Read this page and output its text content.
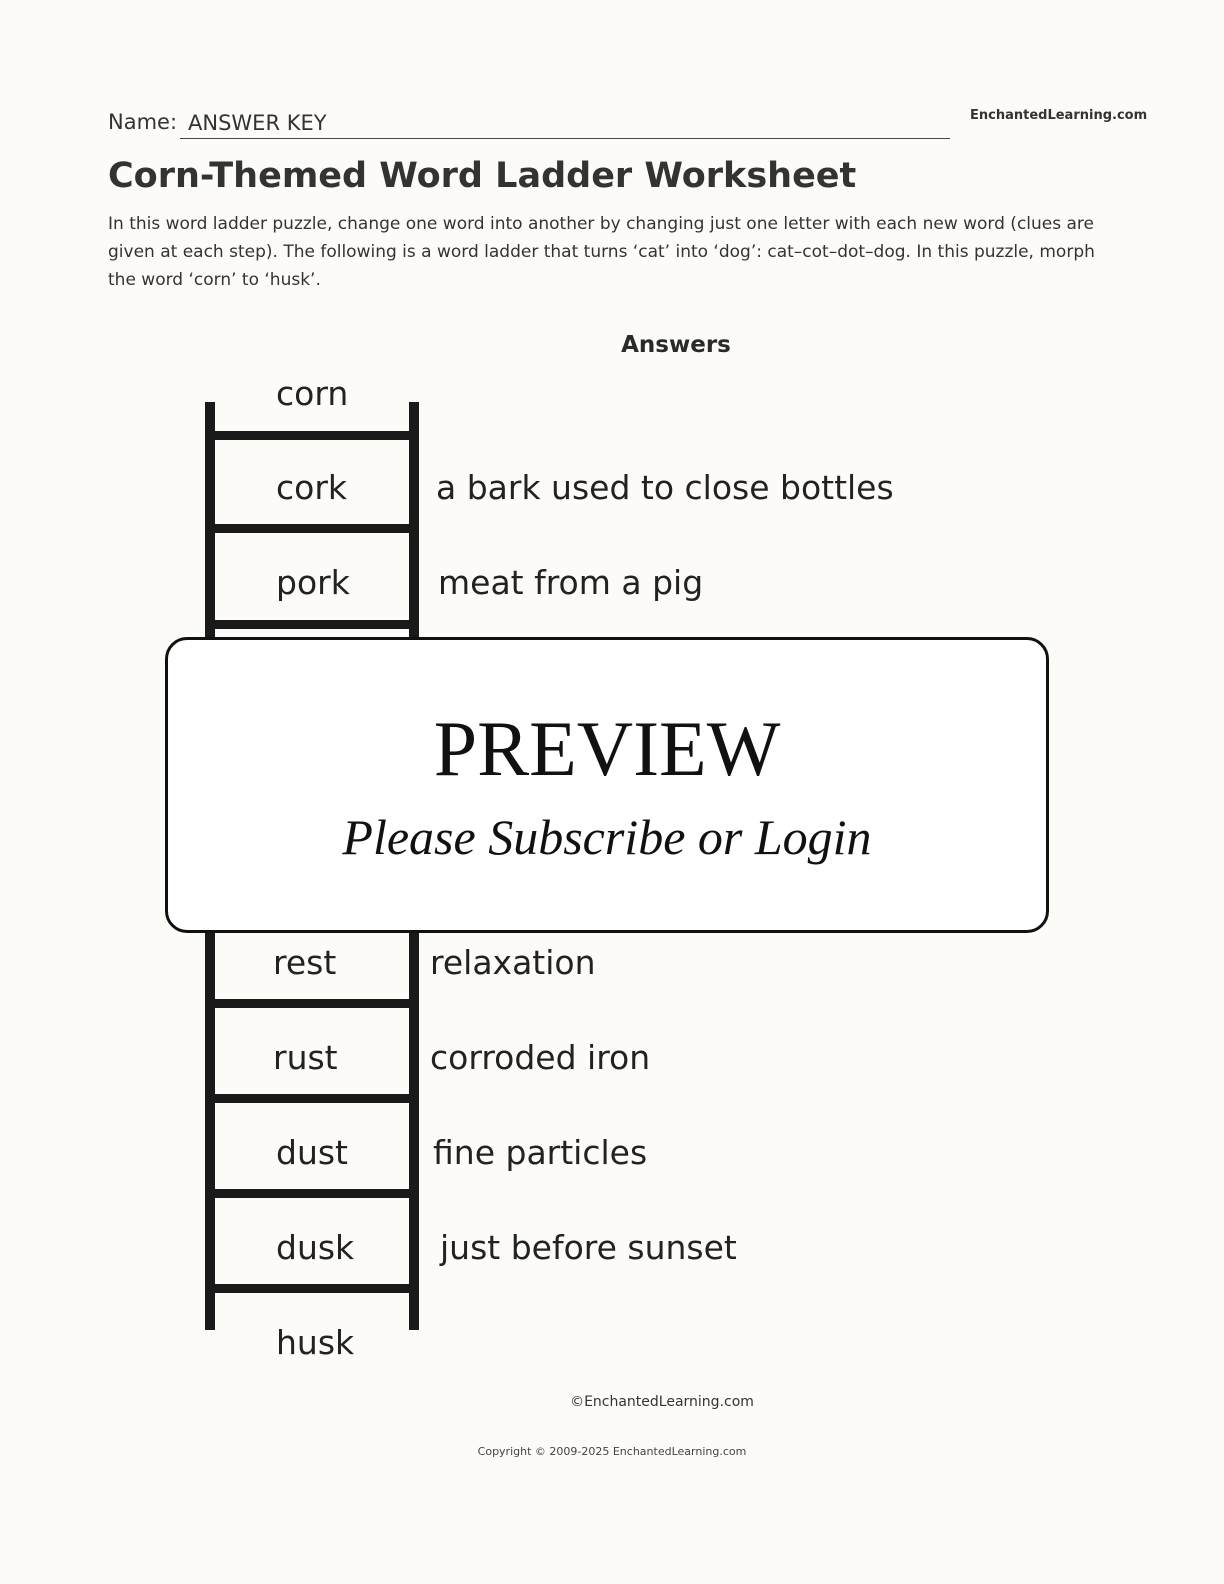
Name: ANSWER KEY	EnchantedLearning.com
Corn-Themed Word Ladder Worksheet
In this word ladder puzzle, change one word into another by changing just one letter with each new word (clues are given at each step). The following is a word ladder that turns ‘cat’ into ‘dog’: cat–cot–dot–dog. In this puzzle, morph the word ‘corn’ to ‘husk’.
Answers
corn
cork	a bark used to close bottles
pork	meat from a pig
rest	relaxation
rust	corroded iron
dust	fine particles
dusk	just before sunset
husk
PREVIEW
Please Subscribe or Login
©EnchantedLearning.com
Copyright © 2009-2025 EnchantedLearning.com
